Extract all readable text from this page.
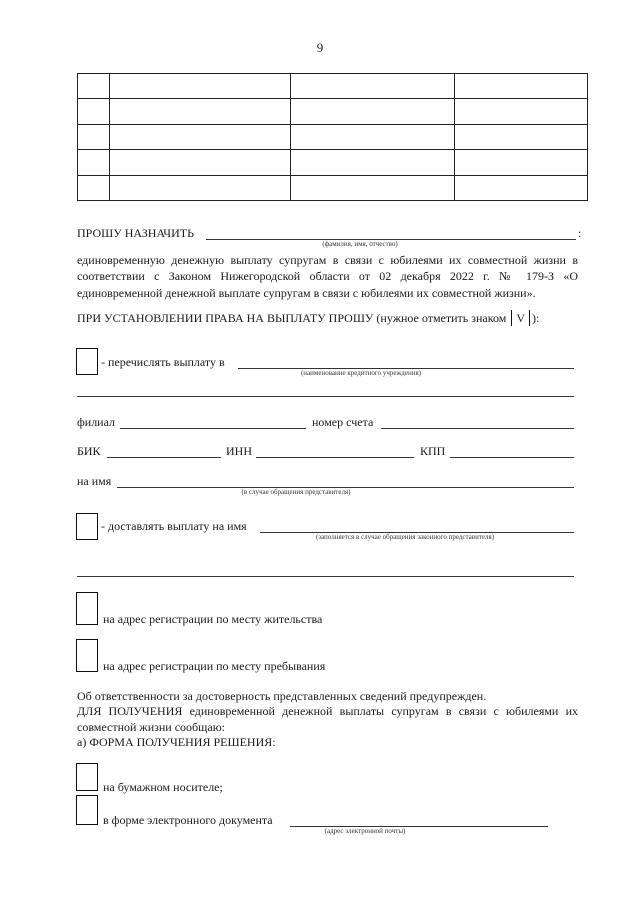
9

ПРОШУ НАЗНАЧИТЬ	:
(фамилия, имя, отчество)
единовременную денежную выплату супругам в связи с юбилеями их совместной жизни в соответствии с Законом Нижегородской области от 02 декабря 2022 г. № 179-З «О единовременной денежной выплате супругам в связи с юбилеями их совместной жизни».
ПРИ УСТАНОВЛЕНИИ ПРАВА НА ВЫПЛАТУ ПРОШУ (нужное отметить знаком V ):
- перечислять выплату в
(наименование кредитного учреждения)
филиал	номер счета
БИК	ИНН	КПП
на имя
(в случае обращения представителя)
- доставлять выплату на имя
(заполняется в случае обращения законного представителя)
на адрес регистрации по месту жительства
на адрес регистрации по месту пребывания
Об ответственности за достоверность представленных сведений предупрежден.
ДЛЯ ПОЛУЧЕНИЯ единовременной денежной выплаты супругам в связи с юбилеями их совместной жизни сообщаю:
а) ФОРМА ПОЛУЧЕНИЯ РЕШЕНИЯ:
на бумажном носителе;
в форме электронного документа
(адрес электронной почты)
